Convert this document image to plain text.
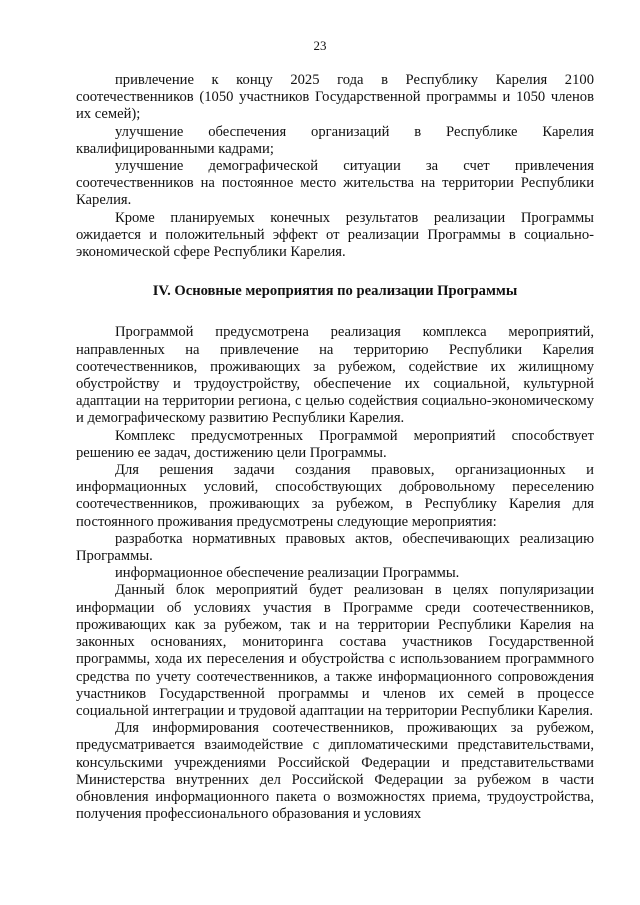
23

привлечение к концу 2025 года в Республику Карелия 2100 соотечественников (1050 участников Государственной программы и 1050 членов их семей);

улучшение обеспечения организаций в Республике Карелия квалифицированными кадрами;

улучшение демографической ситуации за счет привлечения соотечественников на постоянное место жительства на территории Республики Карелия.

Кроме планируемых конечных результатов реализации Программы ожидается и положительный эффект от реализации Программы в социально-экономической сфере Республики Карелия.

IV. Основные мероприятия по реализации Программы

Программой предусмотрена реализация комплекса мероприятий, направленных на привлечение на территорию Республики Карелия соотечественников, проживающих за рубежом, содействие их жилищному обустройству и трудоустройству, обеспечение их социальной, культурной адаптации на территории региона, с целью содействия социально-экономическому и демографическому развитию Республики Карелия.

Комплекс предусмотренных Программой мероприятий способствует решению ее задач, достижению цели Программы.

Для решения задачи создания правовых, организационных и информационных условий, способствующих добровольному переселению соотечественников, проживающих за рубежом, в Республику Карелия для постоянного проживания предусмотрены следующие мероприятия:

разработка нормативных правовых актов, обеспечивающих реализацию Программы.

информационное обеспечение реализации Программы.

Данный блок мероприятий будет реализован в целях популяризации информации об условиях участия в Программе среди соотечественников, проживающих как за рубежом, так и на территории Республики Карелия на законных основаниях, мониторинга состава участников Государственной программы, хода их переселения и обустройства с использованием программного средства по учету соотечественников, а также информационного сопровождения участников Государственной программы и членов их семей в процессе социальной интеграции и трудовой адаптации на территории Республики Карелия.

Для информирования соотечественников, проживающих за рубежом, предусматривается взаимодействие с дипломатическими представительствами, консульскими учреждениями Российской Федерации и представительствами Министерства внутренних дел Российской Федерации за рубежом в части обновления информационного пакета о возможностях приема, трудоустройства, получения профессионального образования и условиях
